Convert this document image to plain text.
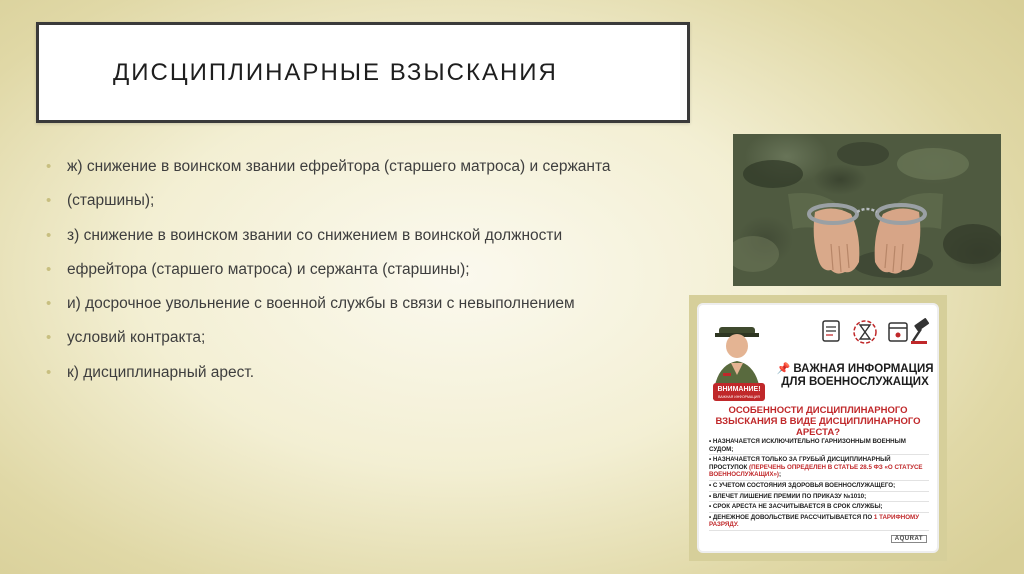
ДИСЦИПЛИНАРНЫЕ ВЗЫСКАНИЯ
• ж) снижение в воинском звании ефрейтора (старшего матроса) и сержанта
• (старшины);
• з) снижение в воинском звании со снижением в воинской должности
• ефрейтора (старшего матроса) и сержанта (старшины);
• и) досрочное увольнение с военной службы в связи с невыполнением
• условий контракта;
• к) дисциплинарный арест.
ВНИМАНИЕ!
ВАЖНАЯ ИНФОРМАЦИЯ
📌 ВАЖНАЯ ИНФОРМАЦИЯ ДЛЯ ВОЕННОСЛУЖАЩИХ
ОСОБЕННОСТИ ДИСЦИПЛИНАРНОГО ВЗЫСКАНИЯ В ВИДЕ ДИСЦИПЛИНАРНОГО АРЕСТА?
• НАЗНАЧАЕТСЯ ИСКЛЮЧИТЕЛЬНО ГАРНИЗОННЫМ ВОЕННЫМ СУДОМ;
• НАЗНАЧАЕТСЯ ТОЛЬКО ЗА ГРУБЫЙ ДИСЦИПЛИНАРНЫЙ ПРОСТУПОК (ПЕРЕЧЕНЬ ОПРЕДЕЛЕН В СТАТЬЕ 28.5 ФЗ «О СТАТУСЕ ВОЕННОСЛУЖАЩИХ»);
• С УЧЕТОМ СОСТОЯНИЯ ЗДОРОВЬЯ ВОЕННОСЛУЖАЩЕГО;
• ВЛЕЧЕТ ЛИШЕНИЕ ПРЕМИИ ПО ПРИКАЗУ №1010;
• СРОК АРЕСТА НЕ ЗАСЧИТЫВАЕТСЯ В СРОК СЛУЖБЫ;
• ДЕНЕЖНОЕ ДОВОЛЬСТВИЕ РАССЧИТЫВАЕТСЯ ПО 1 ТАРИФНОМУ РАЗРЯДУ.
AQURAT
